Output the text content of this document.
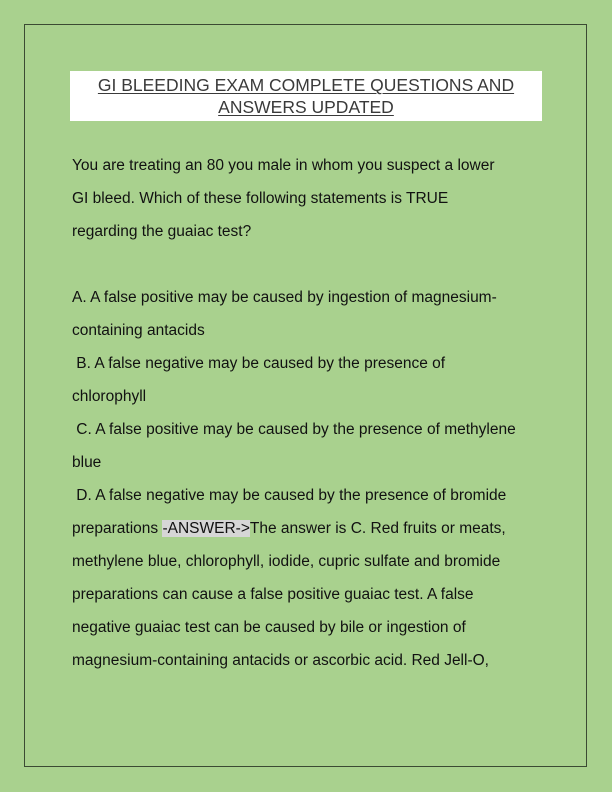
GI BLEEDING EXAM COMPLETE QUESTIONS AND
ANSWERS UPDATED
You are treating an 80 you male in whom you suspect a lower
GI bleed. Which of these following statements is TRUE
regarding the guaiac test?
A. A false positive may be caused by ingestion of magnesium-
containing antacids
B. A false negative may be caused by the presence of
chlorophyll
C. A false positive may be caused by the presence of methylene
blue
D. A false negative may be caused by the presence of bromide
preparations -ANSWER->The answer is C. Red fruits or meats,
methylene blue, chlorophyll, iodide, cupric sulfate and bromide
preparations can cause a false positive guaiac test. A false
negative guaiac test can be caused by bile or ingestion of
magnesium-containing antacids or ascorbic acid. Red Jell-O,
